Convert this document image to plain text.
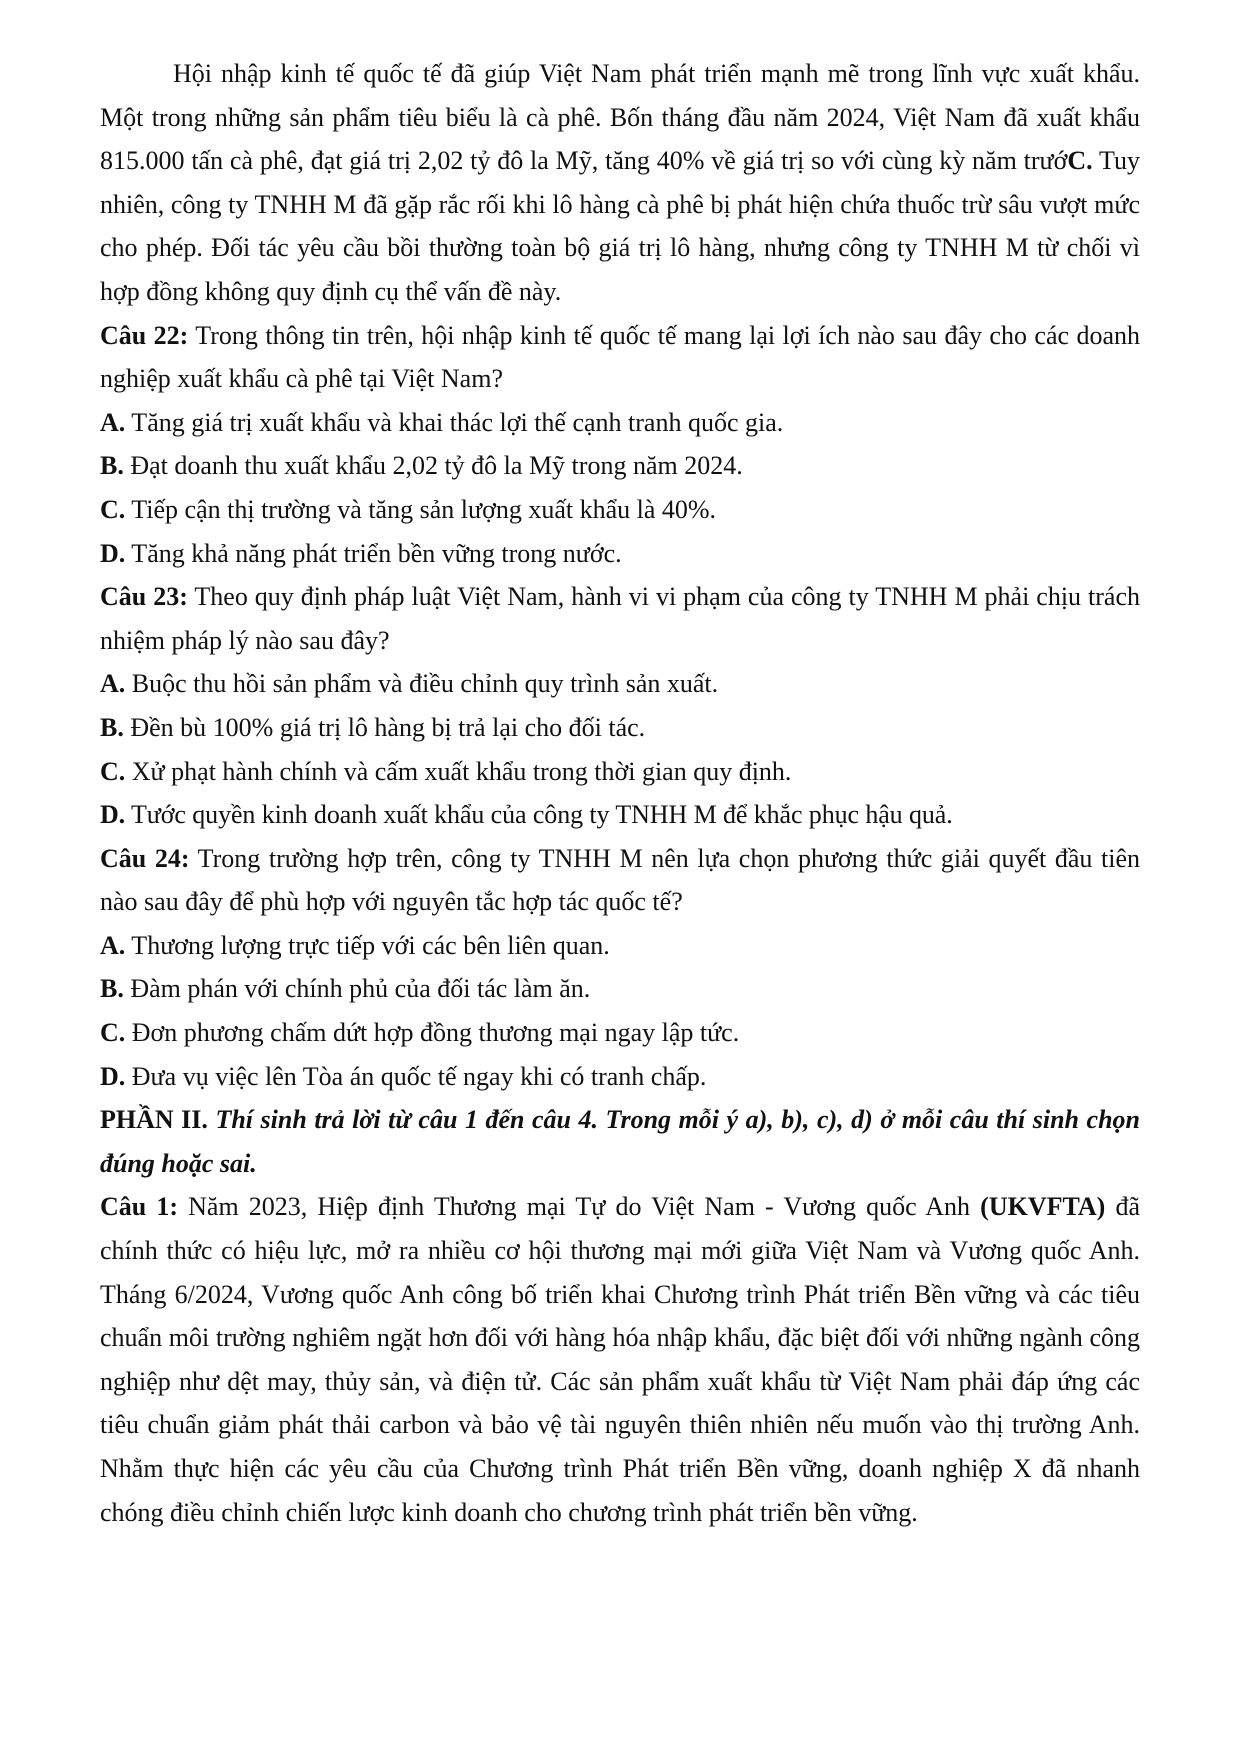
Hội nhập kinh tế quốc tế đã giúp Việt Nam phát triển mạnh mẽ trong lĩnh vực xuất khẩu. Một trong những sản phẩm tiêu biểu là cà phê. Bốn tháng đầu năm 2024, Việt Nam đã xuất khẩu 815.000 tấn cà phê, đạt giá trị 2,02 tỷ đô la Mỹ, tăng 40% về giá trị so với cùng kỳ năm trướC. Tuy nhiên, công ty TNHH M đã gặp rắc rối khi lô hàng cà phê bị phát hiện chứa thuốc trừ sâu vượt mức cho phép. Đối tác yêu cầu bồi thường toàn bộ giá trị lô hàng, nhưng công ty TNHH M từ chối vì hợp đồng không quy định cụ thể vấn đề này.

Câu 22: Trong thông tin trên, hội nhập kinh tế quốc tế mang lại lợi ích nào sau đây cho các doanh nghiệp xuất khẩu cà phê tại Việt Nam?

A. Tăng giá trị xuất khẩu và khai thác lợi thế cạnh tranh quốc gia.

B. Đạt doanh thu xuất khẩu 2,02 tỷ đô la Mỹ trong năm 2024.

C. Tiếp cận thị trường và tăng sản lượng xuất khẩu là 40%.

D. Tăng khả năng phát triển bền vững trong nước.

Câu 23: Theo quy định pháp luật Việt Nam, hành vi vi phạm của công ty TNHH M phải chịu trách nhiệm pháp lý nào sau đây?

A. Buộc thu hồi sản phẩm và điều chỉnh quy trình sản xuất.

B. Đền bù 100% giá trị lô hàng bị trả lại cho đối tác.

C. Xử phạt hành chính và cấm xuất khẩu trong thời gian quy định.

D. Tước quyền kinh doanh xuất khẩu của công ty TNHH M để khắc phục hậu quả.

Câu 24: Trong trường hợp trên, công ty TNHH M nên lựa chọn phương thức giải quyết đầu tiên nào sau đây để phù hợp với nguyên tắc hợp tác quốc tế?

A. Thương lượng trực tiếp với các bên liên quan.

B. Đàm phán với chính phủ của đối tác làm ăn.

C. Đơn phương chấm dứt hợp đồng thương mại ngay lập tức.

D. Đưa vụ việc lên Tòa án quốc tế ngay khi có tranh chấp.

PHẦN II. Thí sinh trả lời từ câu 1 đến câu 4. Trong mỗi ý a), b), c), d) ở mỗi câu thí sinh chọn đúng hoặc sai.

Câu 1: Năm 2023, Hiệp định Thương mại Tự do Việt Nam - Vương quốc Anh (UKVFTA) đã chính thức có hiệu lực, mở ra nhiều cơ hội thương mại mới giữa Việt Nam và Vương quốc Anh. Tháng 6/2024, Vương quốc Anh công bố triển khai Chương trình Phát triển Bền vững và các tiêu chuẩn môi trường nghiêm ngặt hơn đối với hàng hóa nhập khẩu, đặc biệt đối với những ngành công nghiệp như dệt may, thủy sản, và điện tử. Các sản phẩm xuất khẩu từ Việt Nam phải đáp ứng các tiêu chuẩn giảm phát thải carbon và bảo vệ tài nguyên thiên nhiên nếu muốn vào thị trường Anh. Nhằm thực hiện các yêu cầu của Chương trình Phát triển Bền vững, doanh nghiệp X đã nhanh chóng điều chỉnh chiến lược kinh doanh cho chương trình phát triển bền vững.
